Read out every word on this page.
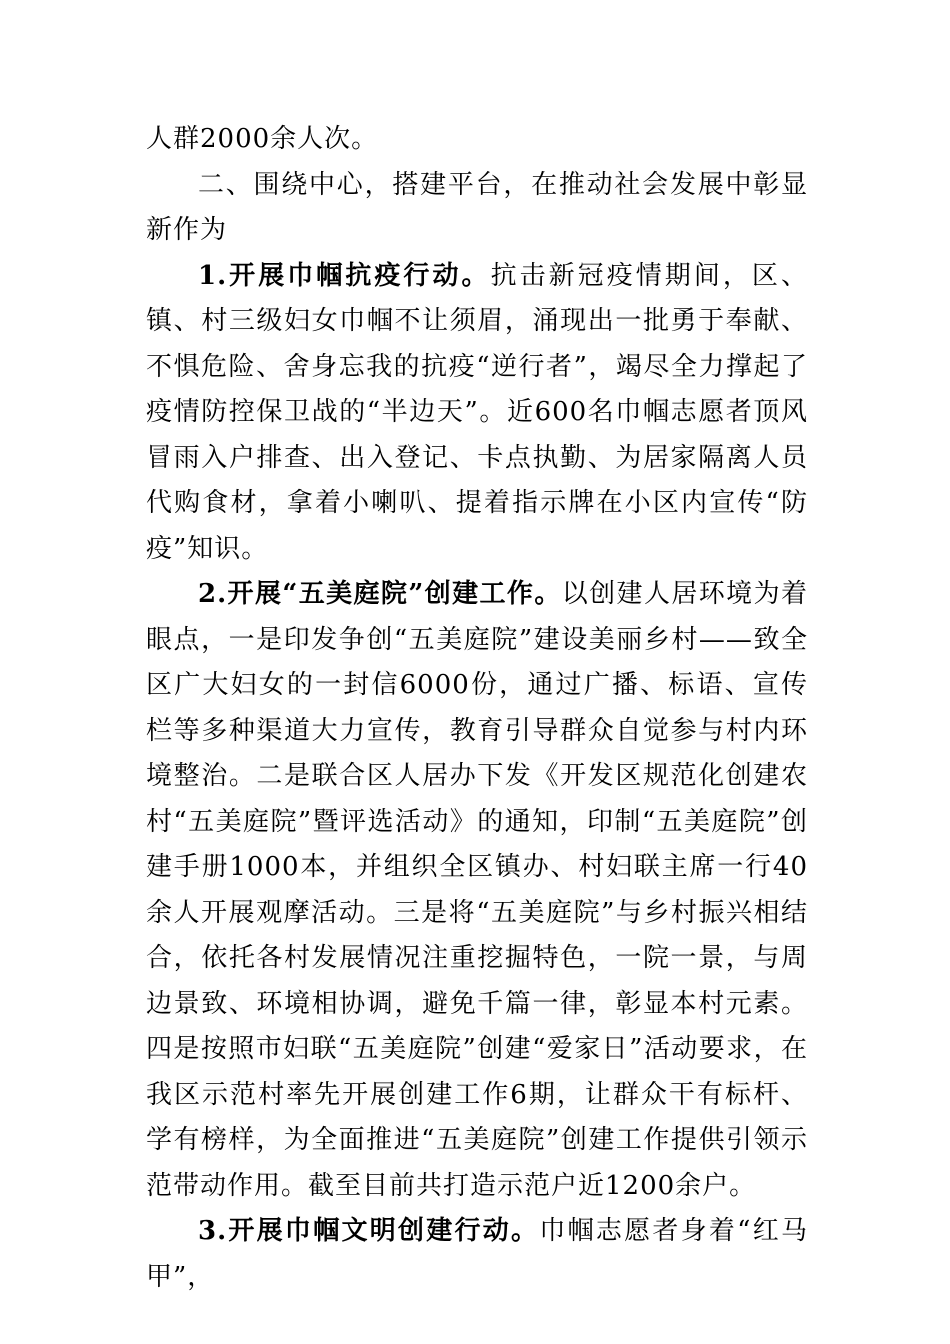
人群2000余人次。

二、围绕中心，搭建平台，在推动社会发展中彰显新作为

1.开展巾帼抗疫行动。抗击新冠疫情期间，区、镇、村三级妇女巾帼不让须眉，涌现出一批勇于奉献、不惧危险、舍身忘我的抗疫“逆行者”，竭尽全力撑起了疫情防控保卫战的“半边天”。近600名巾帼志愿者顶风冒雨入户排查、出入登记、卡点执勤、为居家隔离人员代购食材，拿着小喇叭、提着指示牌在小区内宣传“防疫”知识。

2.开展“五美庭院”创建工作。以创建人居环境为着眼点，一是印发争创“五美庭院”建设美丽乡村——致全区广大妇女的一封信6000份，通过广播、标语、宣传栏等多种渠道大力宣传，教育引导群众自觉参与村内环境整治。二是联合区人居办下发《开发区规范化创建农村“五美庭院”暨评选活动》的通知，印制“五美庭院”创建手册1000本，并组织全区镇办、村妇联主席一行40余人开展观摩活动。三是将“五美庭院”与乡村振兴相结合，依托各村发展情况注重挖掘特色，一院一景，与周边景致、环境相协调，避免千篇一律，彰显本村元素。四是按照市妇联“五美庭院”创建“爱家日”活动要求，在我区示范村率先开展创建工作6期，让群众干有标杆、学有榜样，为全面推进“五美庭院”创建工作提供引领示范带动作用。截至目前共打造示范户近1200余户。

3.开展巾帼文明创建行动。巾帼志愿者身着“红马甲”，
